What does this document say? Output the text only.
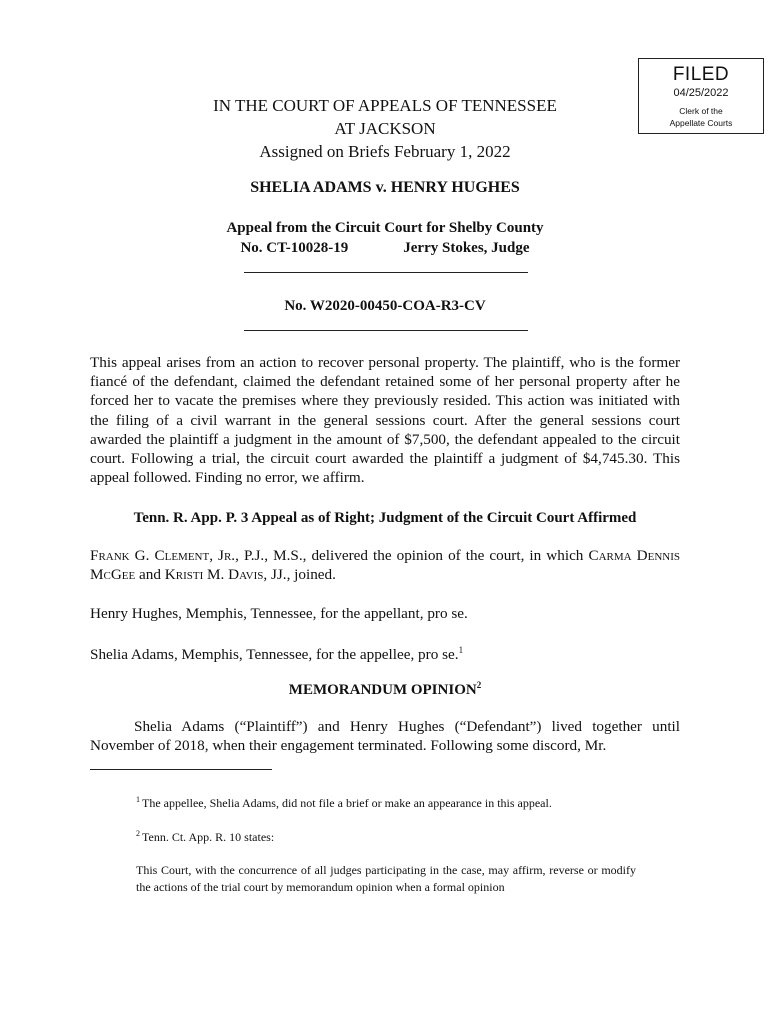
FILED
04/25/2022
Clerk of the
Appellate Courts
IN THE COURT OF APPEALS OF TENNESSEE
AT JACKSON
Assigned on Briefs February 1, 2022
SHELIA ADAMS v. HENRY HUGHES
Appeal from the Circuit Court for Shelby County
No. CT-10028-19	Jerry Stokes, Judge
No. W2020-00450-COA-R3-CV
This appeal arises from an action to recover personal property. The plaintiff, who is the former fiancé of the defendant, claimed the defendant retained some of her personal property after he forced her to vacate the premises where they previously resided. This action was initiated with the filing of a civil warrant in the general sessions court. After the general sessions court awarded the plaintiff a judgment in the amount of $7,500, the defendant appealed to the circuit court. Following a trial, the circuit court awarded the plaintiff a judgment of $4,745.30. This appeal followed. Finding no error, we affirm.
Tenn. R. App. P. 3 Appeal as of Right; Judgment of the Circuit Court Affirmed
Frank G. Clement, Jr., P.J., M.S., delivered the opinion of the court, in which Carma Dennis McGee and Kristi M. Davis, JJ., joined.
Henry Hughes, Memphis, Tennessee, for the appellant, pro se.
Shelia Adams, Memphis, Tennessee, for the appellee, pro se.$^1$
MEMORANDUM OPINION$^2$
Shelia Adams (“Plaintiff”) and Henry Hughes (“Defendant”) lived together until November of 2018, when their engagement terminated. Following some discord, Mr.
$^1$ The appellee, Shelia Adams, did not file a brief or make an appearance in this appeal.
$^2$ Tenn. Ct. App. R. 10 states:
This Court, with the concurrence of all judges participating in the case, may affirm, reverse or modify the actions of the trial court by memorandum opinion when a formal opinion
